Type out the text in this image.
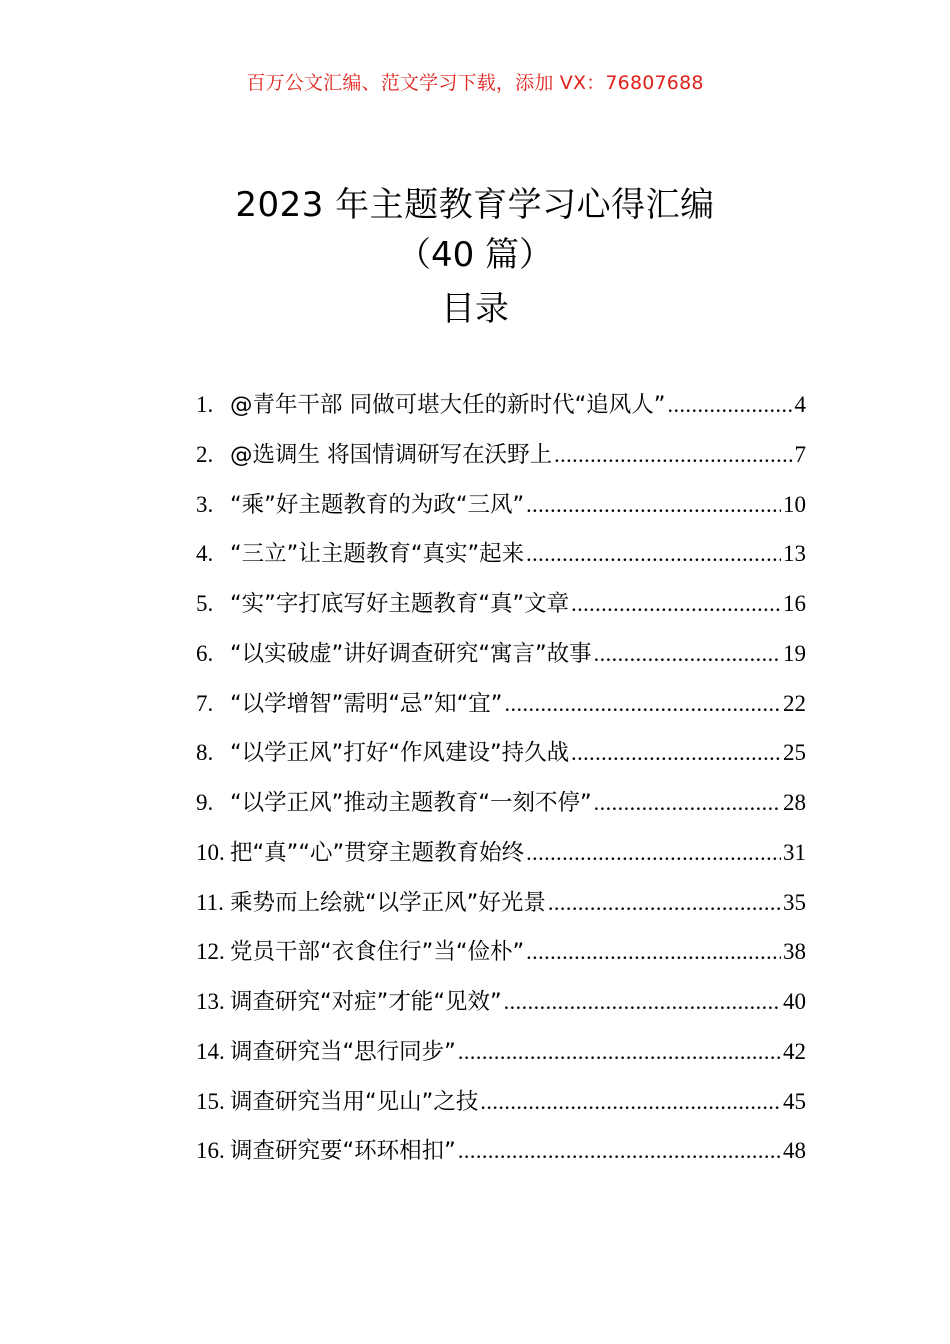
百万公文汇编、范文学习下载，添加 VX：76807688

2023 年主题教育学习心得汇编

（40 篇）

目录

1. @青年干部 同做可堪大任的新时代“追风人” .....	4
2. @选调生 将国情调研写在沃野上 .....	7
3. “乘”好主题教育的为政“三风” .....	10
4. “三立”让主题教育“真实”起来 .....	13
5. “实”字打底写好主题教育“真”文章 .....	16
6. “以实破虚”讲好调查研究“寓言”故事 .....	19
7. “以学增智”需明“忌”知“宜” .....	22
8. “以学正风”打好“作风建设”持久战 .....	25
9. “以学正风”推动主题教育“一刻不停” .....	28
10. 把“真”“心”贯穿主题教育始终 .....	31
11. 乘势而上绘就“以学正风”好光景 .....	35
12. 党员干部“衣食住行”当“俭朴” .....	38
13. 调查研究“对症”才能“见效” .....	40
14. 调查研究当“思行同步” .....	42
15. 调查研究当用“见山”之技 .....	45
16. 调查研究要“环环相扣” .....	48
